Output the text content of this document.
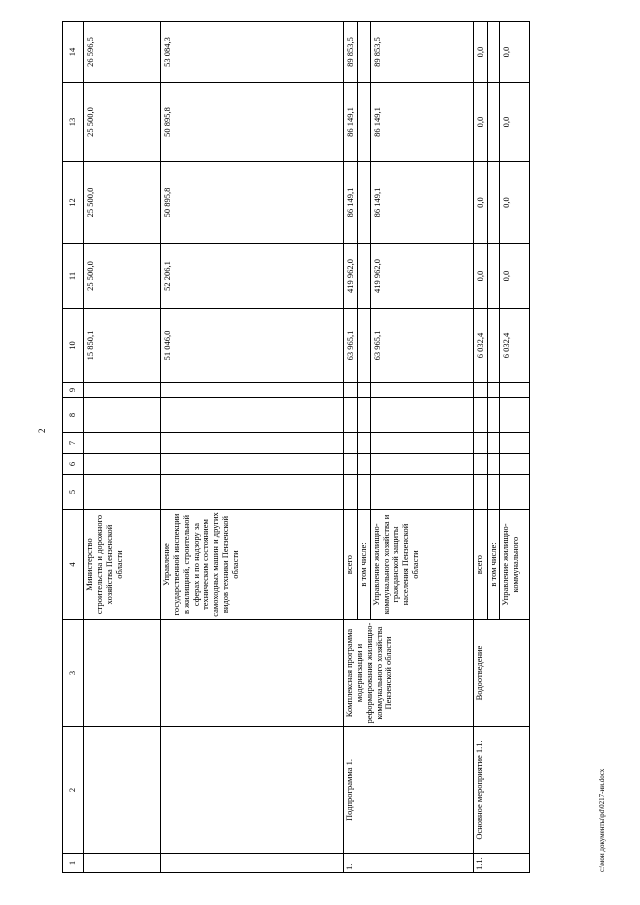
2
1	2	3	4	5	6	7	8	9	10	11	12	13	14
			Министерство строительства и дорожного хозяйства Пензенской области						15 850,1	25 500,0	25 500,0	25 500,0	26 596,5
			Управление государственной инспекции в жилищной, строительной сферах и по надзору за техническим состоянием самоходных машин и других видов техники Пензенской области						51 046,0	52 206,1	50 895,8	50 895,8	53 084,3
1.	Подпрограмма 1.	Комплексная программа модернизации и реформирования жилищно-коммунального хозяйства Пензенской области	всего						63 965,1	419 962,0	86 149,1	86 149,1	89 853,5
			в том числе:										
			Управление жилищно-коммунального хозяйства и гражданской защиты населения Пензенской области						63 965,1	419 962,0	86 149,1	86 149,1	89 853,5
1.1.	Основное мероприятие 1.1.	Водоотведение	всего						6 032,4	0,0	0,0	0,0	0,0
			в том числе:										
			Управление жилищно-коммунального						6 032,4	0,0	0,0	0,0	0,0
c:\мои документы\pd\0217-ии.docx
